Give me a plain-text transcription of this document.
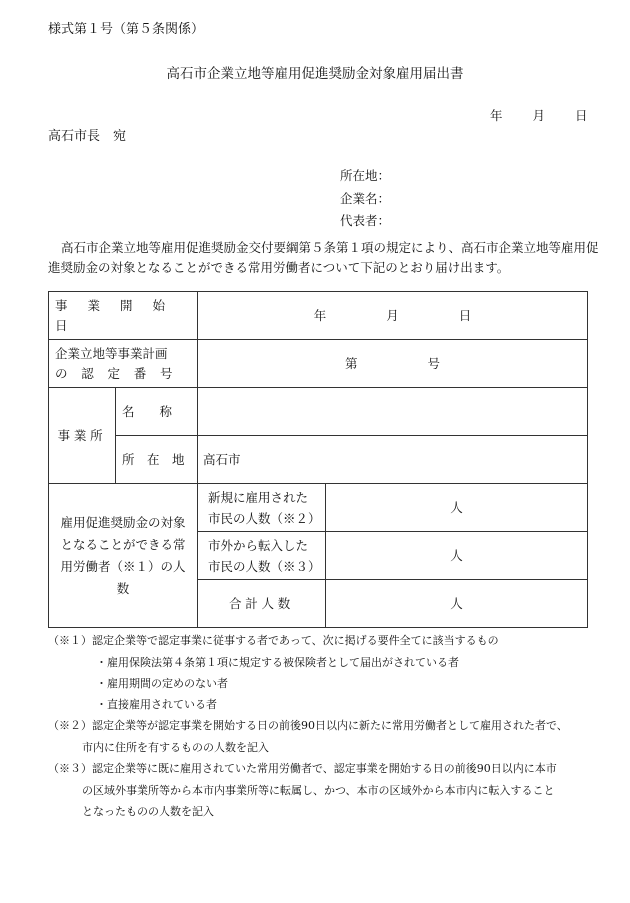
様式第１号（第５条関係）
高石市企業立地等雇用促進奨励金対象雇用届出書
年 月 日
高石市長　宛
所在地：
企業名：
代表者：
高石市企業立地等雇用促進奨励金交付要綱第５条第１項の規定により、高石市企業立地等雇用促進奨励金の対象となることができる常用労働者について下記のとおり届け出ます。
事業開始日		年 月 日	

企業立地等事業計画
の認定番号		第 号	
事業所	名　　称		
	所　在　地	高石市	
雇用促進奨励金の対象となることができる常用労働者（※１）の人数		新規に雇用された市民の人数（※２）	人
		市外から転入した市民の人数（※３）	人
		合計人数	人
（※１）認定企業等で認定事業に従事する者であって、次に掲げる要件全てに該当するもの
・雇用保険法第４条第１項に規定する被保険者として届出がされている者
・雇用期間の定めのない者
・直接雇用されている者
（※２）認定企業等が認定事業を開始する日の前後90日以内に新たに常用労働者として雇用された者で、
市内に住所を有するものの人数を記入
（※３）認定企業等に既に雇用されていた常用労働者で、認定事業を開始する日の前後90日以内に本市
の区域外事業所等から本市内事業所等に転属し、かつ、本市の区域外から本市内に転入すること
となったものの人数を記入
